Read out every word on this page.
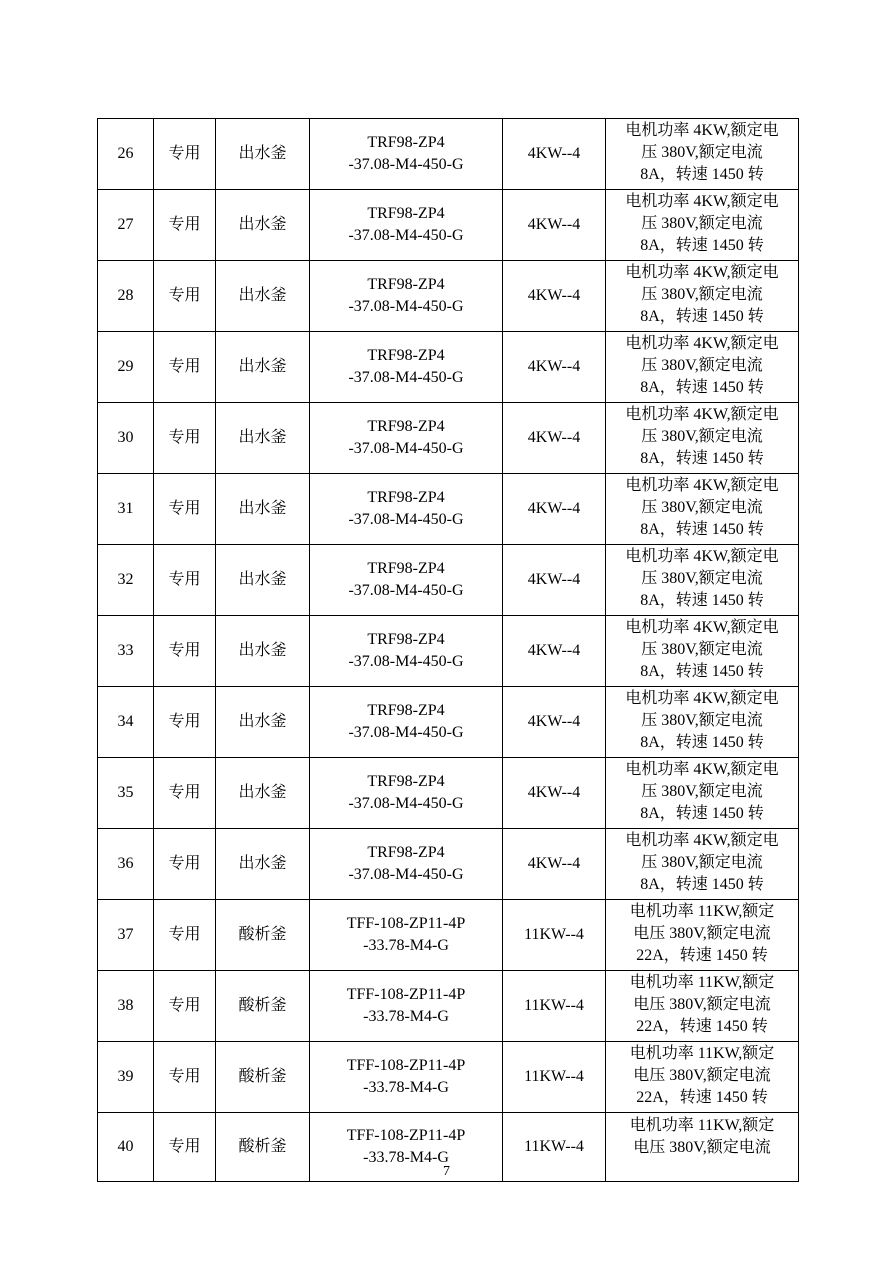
26	专用	出水釜	TRF98-ZP4
-37.08-M4-450-G	4KW--4	电机功率 4KW,额定电
压 380V,额定电流
8A，转速 1450 转

27	专用	出水釜	TRF98-ZP4
-37.08-M4-450-G	4KW--4	电机功率 4KW,额定电
压 380V,额定电流
8A，转速 1450 转

28	专用	出水釜	TRF98-ZP4
-37.08-M4-450-G	4KW--4	电机功率 4KW,额定电
压 380V,额定电流
8A，转速 1450 转

29	专用	出水釜	TRF98-ZP4
-37.08-M4-450-G	4KW--4	电机功率 4KW,额定电
压 380V,额定电流
8A，转速 1450 转

30	专用	出水釜	TRF98-ZP4
-37.08-M4-450-G	4KW--4	电机功率 4KW,额定电
压 380V,额定电流
8A，转速 1450 转

31	专用	出水釜	TRF98-ZP4
-37.08-M4-450-G	4KW--4	电机功率 4KW,额定电
压 380V,额定电流
8A，转速 1450 转

32	专用	出水釜	TRF98-ZP4
-37.08-M4-450-G	4KW--4	电机功率 4KW,额定电
压 380V,额定电流
8A，转速 1450 转

33	专用	出水釜	TRF98-ZP4
-37.08-M4-450-G	4KW--4	电机功率 4KW,额定电
压 380V,额定电流
8A，转速 1450 转

34	专用	出水釜	TRF98-ZP4
-37.08-M4-450-G	4KW--4	电机功率 4KW,额定电
压 380V,额定电流
8A，转速 1450 转

35	专用	出水釜	TRF98-ZP4
-37.08-M4-450-G	4KW--4	电机功率 4KW,额定电
压 380V,额定电流
8A，转速 1450 转

36	专用	出水釜	TRF98-ZP4
-37.08-M4-450-G	4KW--4	电机功率 4KW,额定电
压 380V,额定电流
8A，转速 1450 转

37	专用	酸析釜	TFF-108-ZP11-4P
-33.78-M4-G	11KW--4	电机功率 11KW,额定
电压 380V,额定电流
22A，转速 1450 转

38	专用	酸析釜	TFF-108-ZP11-4P
-33.78-M4-G	11KW--4	电机功率 11KW,额定
电压 380V,额定电流
22A，转速 1450 转

39	专用	酸析釜	TFF-108-ZP11-4P
-33.78-M4-G	11KW--4	电机功率 11KW,额定
电压 380V,额定电流
22A，转速 1450 转

40	专用	酸析釜	TFF-108-ZP11-4P
-33.78-M4-G	11KW--4	电机功率 11KW,额定
电压 380V,额定电流
7
